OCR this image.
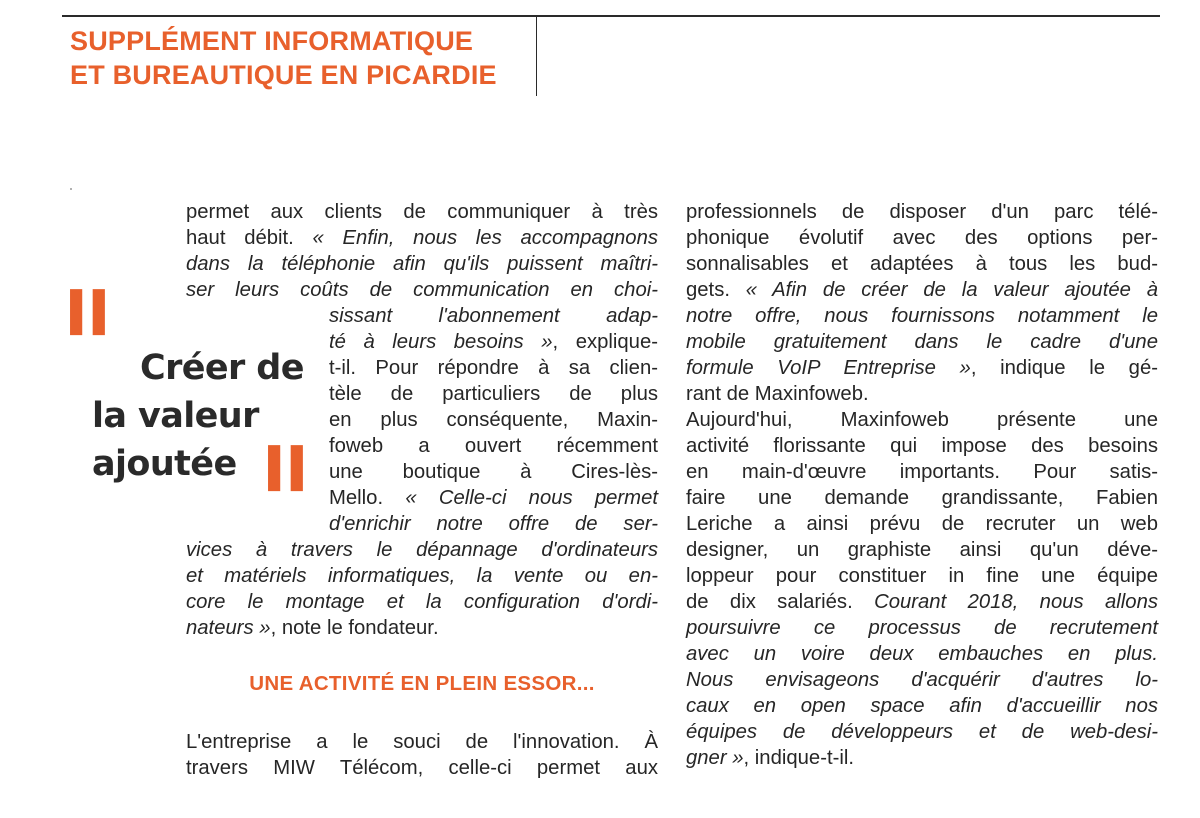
SUPPLÉMENT INFORMATIQUE
ET BUREAUTIQUE EN PICARDIE
" Créer de
la valeur
ajoutée "
permet aux clients de communiquer à très
haut débit. « Enfin, nous les accompagnons
dans la téléphonie afin qu'ils puissent maîtri-
ser leurs coûts de communication en choi-
sissant l'abonnement adap-
té à leurs besoins », explique-
t-il. Pour répondre à sa clien-
tèle de particuliers de plus
en plus conséquente, Maxin-
foweb a ouvert récemment
une boutique à Cires-lès-
Mello. « Celle-ci nous permet
d'enrichir notre offre de ser-
vices à travers le dépannage d'ordinateurs
et matériels informatiques, la vente ou en-
core le montage et la configuration d'ordi-
nateurs », note le fondateur.
UNE ACTIVITÉ EN PLEIN ESSOR...
L'entreprise a le souci de l'innovation. À
travers MIW Télécom, celle-ci permet aux
professionnels de disposer d'un parc télé-
phonique évolutif avec des options per-
sonnalisables et adaptées à tous les bud-
gets. « Afin de créer de la valeur ajoutée à
notre offre, nous fournissons notamment le
mobile gratuitement dans le cadre d'une
formule VoIP Entreprise », indique le gé-
rant de Maxinfoweb.
Aujourd'hui, Maxinfoweb présente une
activité florissante qui impose des besoins
en main-d'œuvre importants. Pour satis-
faire une demande grandissante, Fabien
Leriche a ainsi prévu de recruter un web
designer, un graphiste ainsi qu'un déve-
loppeur pour constituer in fine une équipe
de dix salariés. Courant 2018, nous allons
poursuivre ce processus de recrutement
avec un voire deux embauches en plus.
Nous envisageons d'acquérir d'autres lo-
caux en open space afin d'accueillir nos
équipes de développeurs et de web-desi-
gner », indique-t-il.
